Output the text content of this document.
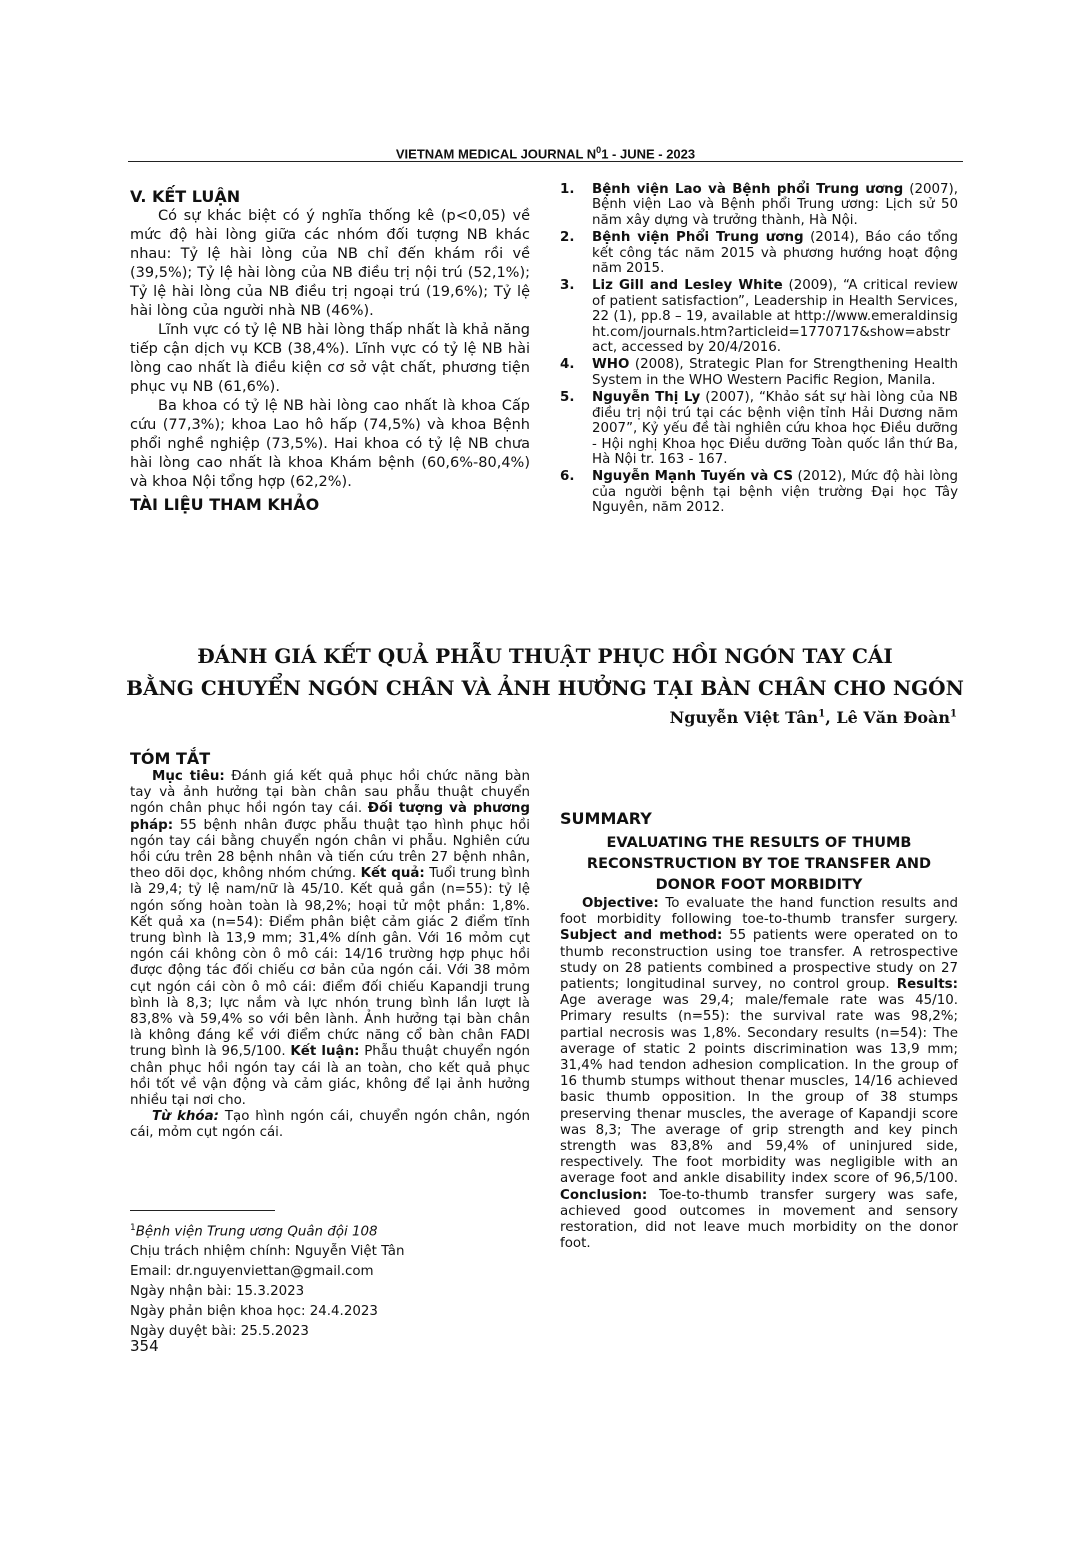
VIETNAM MEDICAL JOURNAL $N^01$ - JUNE - 2023
V. KẾT LUẬN

Có sự khác biệt có ý nghĩa thống kê (p<0,05) về mức độ hài lòng giữa các nhóm đối tượng NB khác nhau: Tỷ lệ hài lòng của NB chỉ đến khám rồi về (39,5%); Tỷ lệ hài lòng của NB điều trị nội trú (52,1%); Tỷ lệ hài lòng của NB điều trị ngoại trú (19,6%); Tỷ lệ hài lòng của người nhà NB (46%).

Lĩnh vực có tỷ lệ NB hài lòng thấp nhất là khả năng tiếp cận dịch vụ KCB (38,4%). Lĩnh vực có tỷ lệ NB hài lòng cao nhất là điều kiện cơ sở vật chất, phương tiện phục vụ NB (61,6%).

Ba khoa có tỷ lệ NB hài lòng cao nhất là khoa Cấp cứu (77,3%); khoa Lao hô hấp (74,5%) và khoa Bệnh phổi nghề nghiệp (73,5%). Hai khoa có tỷ lệ NB chưa hài lòng cao nhất là khoa Khám bệnh (60,6%-80,4%) và khoa Nội tổng hợp (62,2%).

TÀI LIỆU THAM KHẢO
1. Bệnh viện Lao và Bệnh phổi Trung ương (2007), Bệnh viện Lao và Bệnh phổi Trung ương: Lịch sử 50 năm xây dựng và trưởng thành, Hà Nội.
2. Bệnh viện Phổi Trung ương (2014), Báo cáo tổng kết công tác năm 2015 và phương hướng hoạt động năm 2015.
3. Liz Gill and Lesley White (2009), “A critical review of patient satisfaction”, Leadership in Health Services, 22 (1), pp.8 – 19, available at http://www.emeraldinsight.com/journals.htm?articleid=1770717&show=abstract, accessed by 20/4/2016.
4. WHO (2008), Strategic Plan for Strengthening Health System in the WHO Western Pacific Region, Manila.
5. Nguyễn Thị Ly (2007), “Khảo sát sự hài lòng của NB điều trị nội trú tại các bệnh viện tỉnh Hải Dương năm 2007”, Kỷ yếu đề tài nghiên cứu khoa học Điều dưỡng - Hội nghị Khoa học Điều dưỡng Toàn quốc lần thứ Ba, Hà Nội tr. 163 - 167.
6. Nguyễn Mạnh Tuyến và CS (2012), Mức độ hài lòng của người bệnh tại bệnh viện trường Đại học Tây Nguyên, năm 2012.
ĐÁNH GIÁ KẾT QUẢ PHẪU THUẬT PHỤC HỒI NGÓN TAY CÁI
BẰNG CHUYỂN NGÓN CHÂN VÀ ẢNH HƯỞNG TẠI BÀN CHÂN CHO NGÓN
Nguyễn Việt Tân$^1$, Lê Văn Đoàn$^1$
TÓM TẮT

Mục tiêu: Đánh giá kết quả phục hồi chức năng bàn tay và ảnh hưởng tại bàn chân sau phẫu thuật chuyển ngón chân phục hồi ngón tay cái. Đối tượng và phương pháp: 55 bệnh nhân được phẫu thuật tạo hình phục hồi ngón tay cái bằng chuyển ngón chân vi phẫu. Nghiên cứu hồi cứu trên 28 bệnh nhân và tiến cứu trên 27 bệnh nhân, theo dõi dọc, không nhóm chứng. Kết quả: Tuổi trung bình là 29,4; tỷ lệ nam/nữ là 45/10. Kết quả gần (n=55): tỷ lệ ngón sống hoàn toàn là 98,2%; hoại tử một phần: 1,8%. Kết quả xa (n=54): Điểm phân biệt cảm giác 2 điểm tĩnh trung bình là 13,9 mm; 31,4% dính gân. Với 16 mỏm cụt ngón cái không còn ô mô cái: 14/16 trường hợp phục hồi được động tác đối chiếu cơ bản của ngón cái. Với 38 mỏm cụt ngón cái còn ô mô cái: điểm đối chiếu Kapandji trung bình là 8,3; lực nắm và lực nhón trung bình lần lượt là 83,8% và 59,4% so với bên lành. Ảnh hưởng tại bàn chân là không đáng kể với điểm chức năng cổ bàn chân FADI trung bình là 96,5/100. Kết luận: Phẫu thuật chuyển ngón chân phục hồi ngón tay cái là an toàn, cho kết quả phục hồi tốt về vận động và cảm giác, không để lại ảnh hưởng nhiều tại nơi cho.

Từ khóa: Tạo hình ngón cái, chuyển ngón chân, ngón cái, mỏm cụt ngón cái.

SUMMARY
EVALUATING THE RESULTS OF THUMB RECONSTRUCTION BY TOE TRANSFER AND DONOR FOOT MORBIDITY

Objective: To evaluate the hand function results and foot morbidity following toe-to-thumb transfer surgery. Subject and method: 55 patients were operated on to thumb reconstruction using toe transfer. A retrospective study on 28 patients combined a prospective study on 27 patients; longitudinal survey, no control group. Results: Age average was 29,4; male/female rate was 45/10. Primary results (n=55): the survival rate was 98,2%; partial necrosis was 1,8%. Secondary results (n=54): The average of static 2 points discrimination was 13,9 mm; 31,4% had tendon adhesion complication. In the group of 16 thumb stumps without thenar muscles, 14/16 achieved basic thumb opposition. In the group of 38 stumps preserving thenar muscles, the average of Kapandji score was 8,3; The average of grip strength and key pinch strength was 83,8% and 59,4% of uninjured side, respectively. The foot morbidity was negligible with an average foot and ankle disability index score of 96,5/100. Conclusion: Toe-to-thumb transfer surgery was safe, achieved good outcomes in movement and sensory restoration, did not leave much morbidity on the donor foot.

$^1$Bệnh viện Trung ương Quân đội 108
Chịu trách nhiệm chính: Nguyễn Việt Tân
Email: dr.nguyenviettan@gmail.com
Ngày nhận bài: 15.3.2023
Ngày phản biện khoa học: 24.4.2023
Ngày duyệt bài: 25.5.2023
354
